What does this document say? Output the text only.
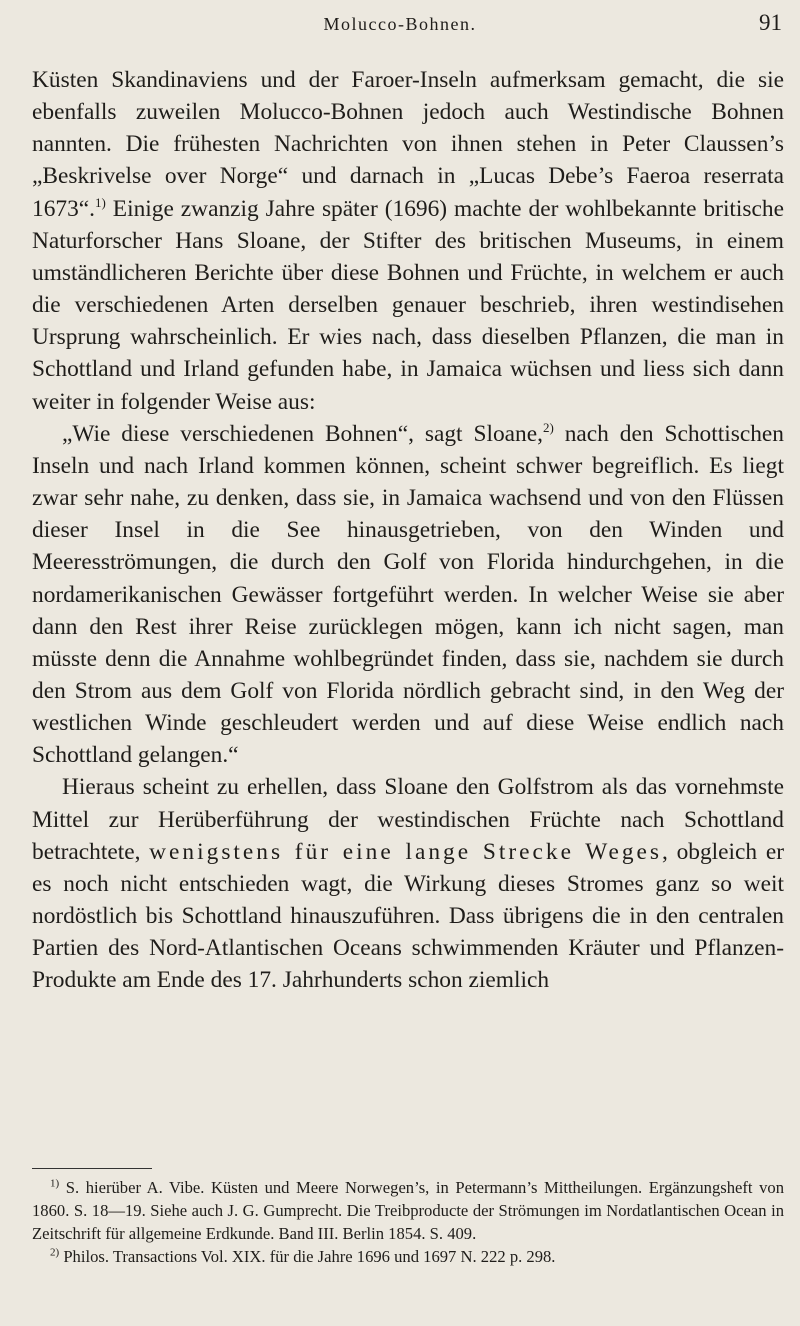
Molucco-Bohnen.	91

Küsten Skandinaviens und der Faroer-Inseln aufmerksam gemacht, die sie ebenfalls zuweilen Molucco-Bohnen jedoch auch Westindische Bohnen nannten. Die frühesten Nachrichten von ihnen stehen in Peter Claussen’s „Beskrivelse over Norge“ und darnach in „Lucas Debe’s Faeroa reserrata 1673“.$^{1)}$ Einige zwanzig Jahre später (1696) machte der wohlbekannte britische Naturforscher Hans Sloane, der Stifter des britischen Museums, in einem umständlicheren Berichte über diese Bohnen und Früchte, in welchem er auch die verschiedenen Arten derselben genauer beschrieb, ihren westindisehen Ursprung wahrscheinlich. Er wies nach, dass dieselben Pflanzen, die man in Schottland und Irland gefunden habe, in Jamaica wüchsen und liess sich dann weiter in folgender Weise aus:

„Wie diese verschiedenen Bohnen“, sagt Sloane,$^{2)}$ nach den Schottischen Inseln und nach Irland kommen können, scheint schwer begreiflich. Es liegt zwar sehr nahe, zu denken, dass sie, in Jamaica wachsend und von den Flüssen dieser Insel in die See hinausgetrieben, von den Winden und Meeresströmungen, die durch den Golf von Florida hindurchgehen, in die nordamerikanischen Gewässer fortgeführt werden. In welcher Weise sie aber dann den Rest ihrer Reise zurücklegen mögen, kann ich nicht sagen, man müsste denn die Annahme wohlbegründet finden, dass sie, nachdem sie durch den Strom aus dem Golf von Florida nördlich gebracht sind, in den Weg der westlichen Winde geschleudert werden und auf diese Weise endlich nach Schottland gelangen.“

Hieraus scheint zu erhellen, dass Sloane den Golfstrom als das vornehmste Mittel zur Herüberführung der westindischen Früchte nach Schottland betrachtete, wenigstens für eine lange Strecke Weges, obgleich er es noch nicht entschieden wagt, die Wirkung dieses Stromes ganz so weit nordöstlich bis Schottland hinauszuführen. Dass übrigens die in den centralen Partien des Nord-Atlantischen Oceans schwimmenden Kräuter und Pflanzen-Produkte am Ende des 17. Jahrhunderts schon ziemlich

$^{1)}$ S. hierüber A. Vibe. Küsten und Meere Norwegen’s, in Petermann’s Mittheilungen. Ergänzungsheft von 1860. S. 18—19. Siehe auch J. G. Gumprecht. Die Treibproducte der Strömungen im Nordatlantischen Ocean in Zeitschrift für allgemeine Erdkunde. Band III. Berlin 1854. S. 409.

$^{2)}$ Philos. Transactions Vol. XIX. für die Jahre 1696 und 1697 N. 222 p. 298.
